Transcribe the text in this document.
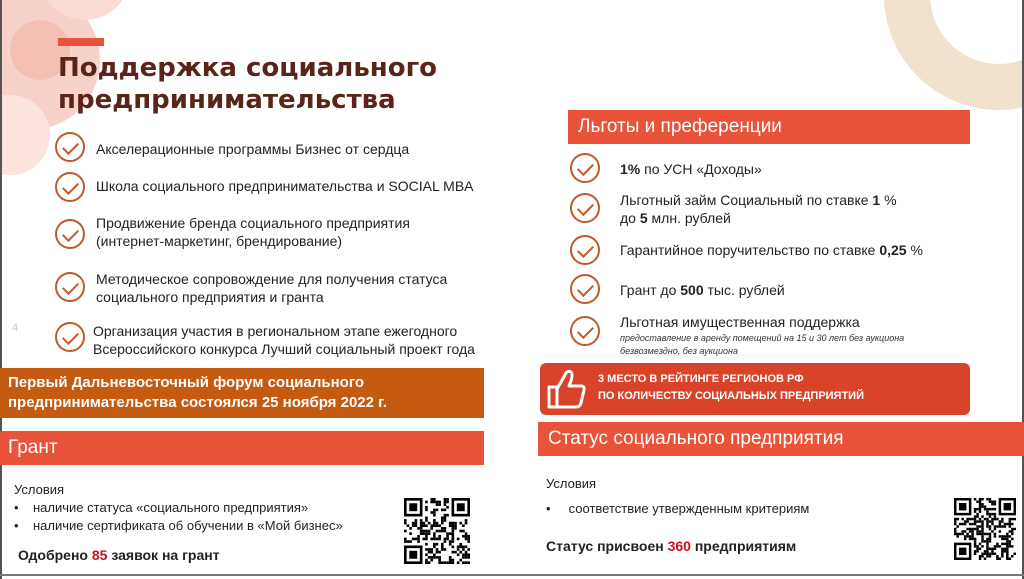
Поддержка социального
предпринимательства
4
Акселерационные программы Бизнес от сердца
Школа социального предпринимательства и SOCIAL MBA
Продвижение бренда социального предприятия
(интернет-маркетинг, брендирование)
Методическое сопровождение для получения статуса
социального предприятия и гранта
Организация участия в региональном этапе ежегодного
Всероссийского конкурса Лучший социальный проект года
Первый Дальневосточный форум социального
предпринимательства состоялся 25 ноября 2022 г.
Грант
Условия
•    наличие статуса «социального предприятия»
•    наличие сертификата об обучении в «Мой бизнес»
Одобрено 85 заявок на грант
Льготы и преференции
1% по УСН «Доходы»
Льготный займ Социальный по ставке 1 %
до 5 млн. рублей
Гарантийное поручительство по ставке 0,25 %
Грант до 500 тыс. рублей
Льготная имущественная поддержка
предоставление в аренду помещений на 15 и 30 лет без аукциона
безвозмездно, без аукциона
3 МЕСТО В РЕЙТИНГЕ РЕГИОНОВ РФ
ПО КОЛИЧЕСТВУ СОЦИАЛЬНЫХ ПРЕДПРИЯТИЙ
Статус социального предприятия
Условия
•     соответствие утвержденным критериям
Статус присвоен 360 предприятиям
